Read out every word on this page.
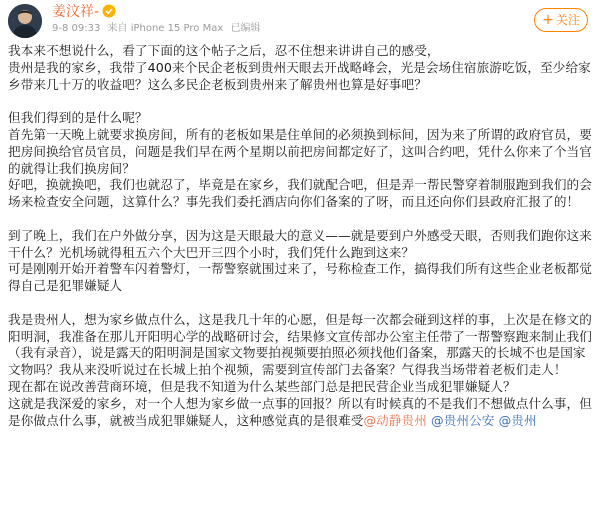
姜汶祥-
9-8 09:33 来自 iPhone 15 Pro Max 已编辑
+ 关注

我本来不想说什么，看了下面的这个帖子之后，忍不住想来讲讲自己的感受，

贵州是我的家乡，我带了400来个民企老板到贵州天眼去开战略峰会，光是会场住宿旅游吃饭，至少给家乡带来几十万的收益吧？这么多民企老板到贵州来了解贵州也算是好事吧？

但我们得到的是什么呢？

首先第一天晚上就要求换房间，所有的老板如果是住单间的必须换到标间，因为来了所谓的政府官员，要把房间换给官员官员，问题是我们早在两个星期以前把房间都定好了，这叫合约吧，凭什么你来了个当官的就得让我们换房间？

好吧，换就换吧，我们也就忍了，毕竟是在家乡，我们就配合吧，但是弄一帮民警穿着制服跑到我们的会场来检查安全问题，这算什么？事先我们委托酒店向你们备案的了呀，而且还向你们县政府汇报了的！

到了晚上，我们在户外做分享，因为这是天眼最大的意义——就是要到户外感受天眼，否则我们跑你这来干什么？光机场就得租五六个大巴开三四个小时，我们凭什么跑到这来？

可是刚刚开始开着警车闪着警灯，一帮警察就围过来了，号称检查工作，搞得我们所有这些企业老板都觉得自己是犯罪嫌疑人

我是贵州人，想为家乡做点什么，这是我几十年的心愿，但是每一次都会碰到这样的事，上次是在修文的阳明洞，我准备在那儿开阳明心学的战略研讨会，结果修文宣传部办公室主任带了一帮警察跑来制止我们（我有录音），说是露天的阳明洞是国家文物要拍视频要拍照必须找他们备案，那露天的长城不也是国家文物吗？我从来没听说过在长城上拍个视频，需要到宣传部门去备案？气得我当场带着老板们走人！

现在都在说改善营商环境，但是我不知道为什么某些部门总是把民营企业当成犯罪嫌疑人？

这就是我深爱的家乡，对一个人想为家乡做一点事的回报？所以有时候真的不是我们不想做点什么事，但是你做点什么事，就被当成犯罪嫌疑人，这种感觉真的是很难受@动静贵州 @贵州公安 @贵州
